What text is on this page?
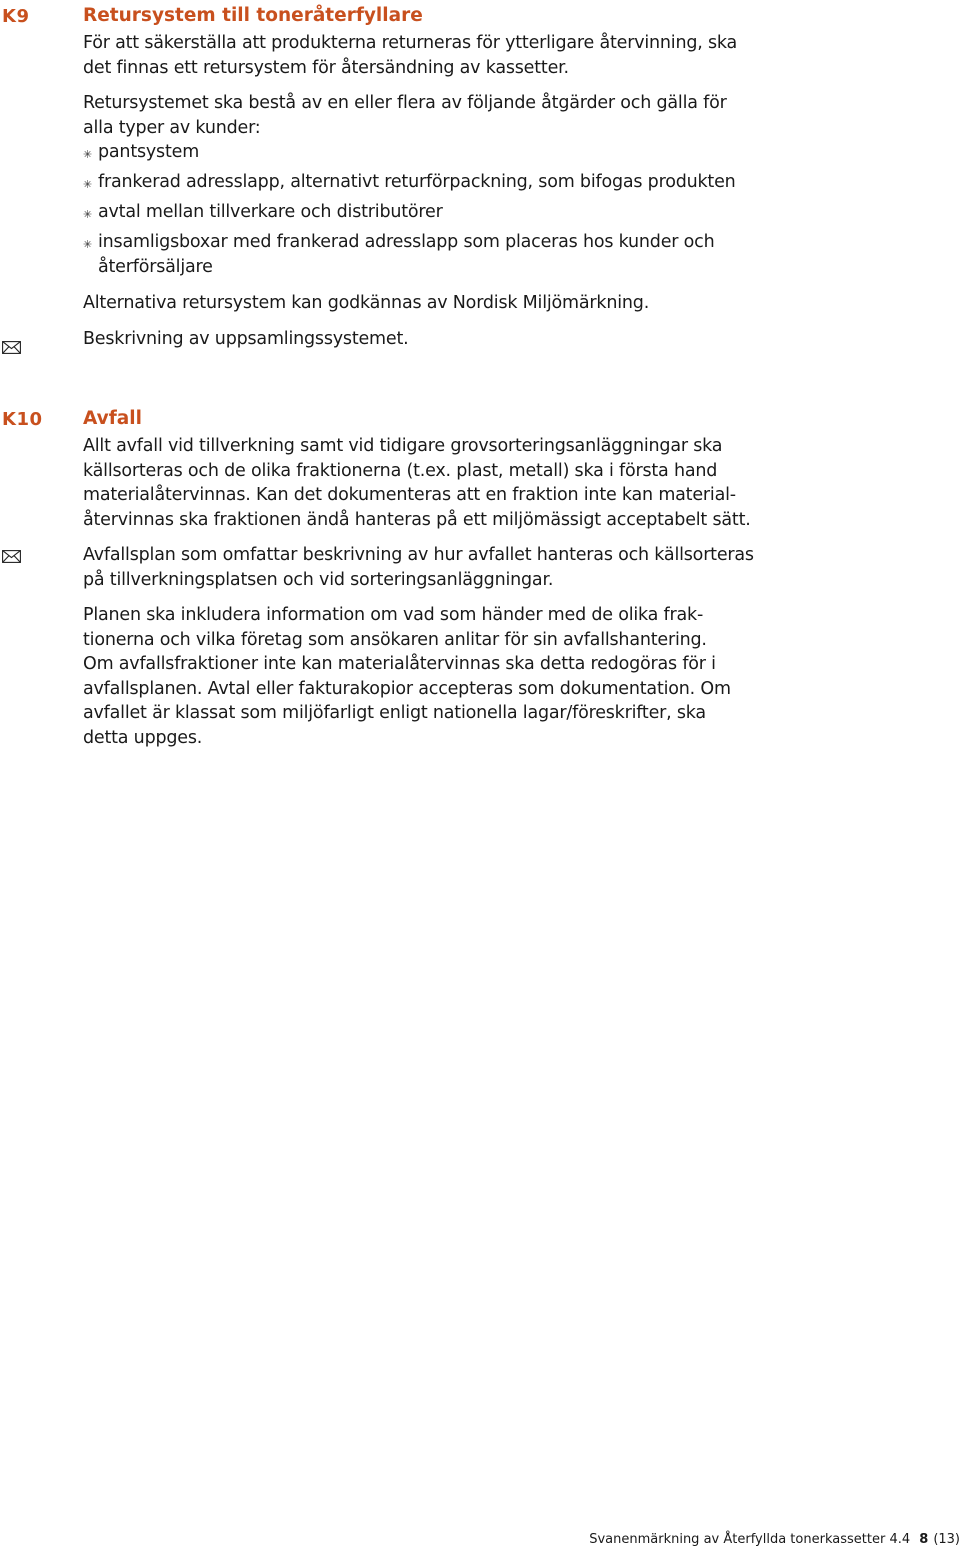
K9	Retursystem till toneråterfyllare

För att säkerställa att produkterna returneras för ytterligare återvinning, ska
det finnas ett retursystem för återsändning av kassetter.

Retursystemet ska bestå av en eller flera av följande åtgärder och gälla för
alla typer av kunder:

✳ pantsystem
✳ frankerad adresslapp, alternativt returförpackning, som bifogas produkten
✳ avtal mellan tillverkare och distributörer
✳ insamligsboxar med frankerad adresslapp som placeras hos kunder och
återförsäljare

Alternativa retursystem kan godkännas av Nordisk Miljömärkning.

Beskrivning av uppsamlingssystemet.

K10 Avfall

Allt avfall vid tillverkning samt vid tidigare grovsorteringsanläggningar ska
källsorteras och de olika fraktionerna (t.ex. plast, metall) ska i första hand
materialåtervinnas. Kan det dokumenteras att en fraktion inte kan material-
återvinnas ska fraktionen ändå hanteras på ett miljömässigt acceptabelt sätt.

Avfallsplan som omfattar beskrivning av hur avfallet hanteras och källsorteras
på tillverkningsplatsen och vid sorteringsanläggningar.

Planen ska inkludera information om vad som händer med de olika frak-
tionerna och vilka företag som ansökaren anlitar för sin avfallshantering.
Om avfallsfraktioner inte kan materialåtervinnas ska detta redogöras för i
avfallsplanen. Avtal eller fakturakopior accepteras som dokumentation. Om
avfallet är klassat som miljöfarligt enligt nationella lagar/föreskrifter, ska
detta uppges.

Svanenmärkning av Återfyllda tonerkassetter 4.4 8 (13)
